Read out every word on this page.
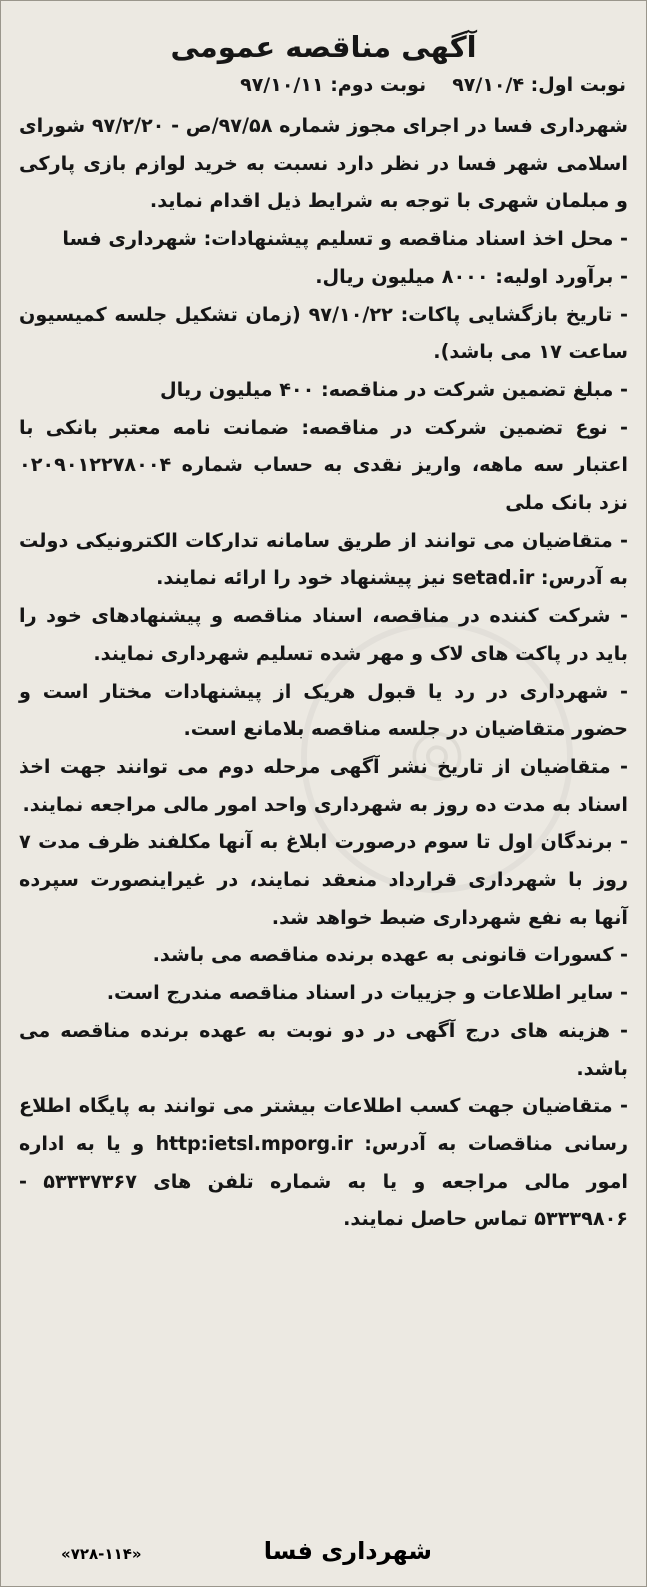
◎
آگهی مناقصه عمومی
نوبت اول: ۹۷/۱۰/۴
نوبت دوم: ۹۷/۱۰/۱۱

شهرداری فسا در اجرای مجوز شماره ۹۷/۵۸/ص - ۹۷/۲/۲۰ شورای اسلامی شهر فسا در نظر دارد نسبت به خرید لوازم بازی پارکی و مبلمان شهری با توجه به شرایط ذیل اقدام نماید.

- محل اخذ اسناد مناقصه و تسلیم پیشنهادات: شهرداری فسا

- برآورد اولیه: ۸۰۰۰ میلیون ریال.

- تاریخ بازگشایی پاکات: ۹۷/۱۰/۲۲ (زمان تشکیل جلسه کمیسیون ساعت ۱۷ می باشد).

- مبلغ تضمین شرکت در مناقصه: ۴۰۰ میلیون ریال

- نوع تضمین شرکت در مناقصه: ضمانت نامه معتبر بانکی با اعتبار سه ماهه، واریز نقدی به حساب شماره ۰۲۰۹۰۱۲۲۷۸۰۰۴ نزد بانک ملی

- متقاضیان می توانند از طریق سامانه تدارکات الکترونیکی دولت به آدرس: setad.ir نیز پیشنهاد خود را ارائه نمایند.

- شرکت کننده در مناقصه، اسناد مناقصه و پیشنهادهای خود را باید در پاکت های لاک و مهر شده تسلیم شهرداری نمایند.

- شهرداری در رد یا قبول هریک از پیشنهادات مختار است و حضور متقاضیان در جلسه مناقصه بلامانع است.

- متقاضیان از تاریخ نشر آگهی مرحله دوم می توانند جهت اخذ اسناد به مدت ده روز به شهرداری واحد امور مالی مراجعه نمایند.

- برندگان اول تا سوم درصورت ابلاغ به آنها مکلفند ظرف مدت ۷ روز با شهرداری قرارداد منعقد نمایند، در غیراینصورت سپرده آنها به نفع شهرداری ضبط خواهد شد.

- کسورات قانونی به عهده برنده مناقصه می باشد.

- سایر اطلاعات و جزییات در اسناد مناقصه مندرج است.

- هزینه های درج آگهی در دو نوبت به عهده برنده مناقصه می باشد.

- متقاضیان جهت کسب اطلاعات بیشتر می توانند به پایگاه اطلاع رسانی مناقصات به آدرس: http:ietsl.mporg.ir و یا به اداره امور مالی مراجعه و یا به شماره تلفن های ۵۳۳۳۷۳۶۷ - ۵۳۳۳۹۸۰۶ تماس حاصل نمایند.

شهرداری فسا
«۷۲۸-۱۱۴»
